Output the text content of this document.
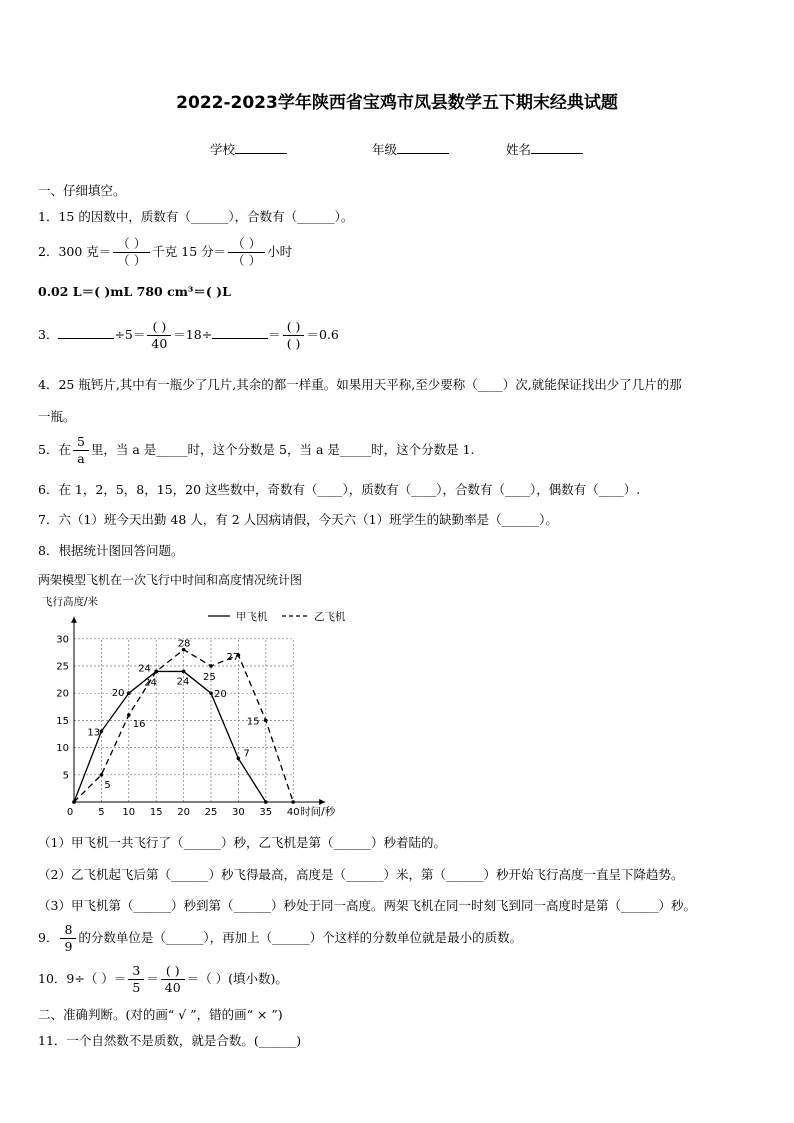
2022-2023学年陕西省宝鸡市凤县数学五下期末经典试题
学校	年级	姓名
一、仔细填空。
1．15 的因数中，质数有（______），合数有（______）。
2．300 克＝ $\frac{( )}{( )}$ 千克 15 分＝ $\frac{( )}{( )}$ 小时
0.02 L＝( )mL 780 cm³＝( )L
3．	$\div 5= \frac{( )}{40} =18\div$	＝ $\frac{( )}{( )} =0.6$
4．25 瓶钙片,其中有一瓶少了几片,其余的都一样重。如果用天平称,至少要称（____）次,就能保证找出少了几片的那
一瓶。
5．在 $\frac{5}{a}$ 里，当 a 是_____时，这个分数是 5，当 a 是_____时，这个分数是 1.
6．在 1，2，5，8，15，20 这些数中，奇数有（____），质数有（____），合数有（____），偶数有（____）.
7．六（1）班今天出勤 48 人，有 2 人因病请假，今天六（1）班学生的缺勤率是（______）。
8．根据统计图回答问题。
两架模型飞机在一次飞行中时间和高度情况统计图
0	5 10 15 20 25 30 35 40
5
10
15
20
25
30
飞行高度/米
时间/秒
13
20
24
24
20
7
5
16
24
28
25
27
15
甲飞机	乙飞机
（1）甲飞机一共飞行了（______）秒，乙飞机是第（______）秒着陆的。
（2）乙飞机起飞后第（______）秒飞得最高，高度是（______）米，第（______）秒开始飞行高度一直呈下降趋势。
（3）甲飞机第（______）秒到第（______）秒处于同一高度。两架飞机在同一时刻飞到同一高度时是第（______）秒。
9． $\frac{8}{9}$ 的分数单位是（______），再加上（______）个这样的分数单位就是最小的质数。
10．9÷（ ）＝ $\frac{3}{5} = \frac{( )}{40}$ ＝（ ）(填小数)。
二、准确判断。(对的画“ √ ”，错的画“ × ”)
11．一个自然数不是质数，就是合数。(______)
